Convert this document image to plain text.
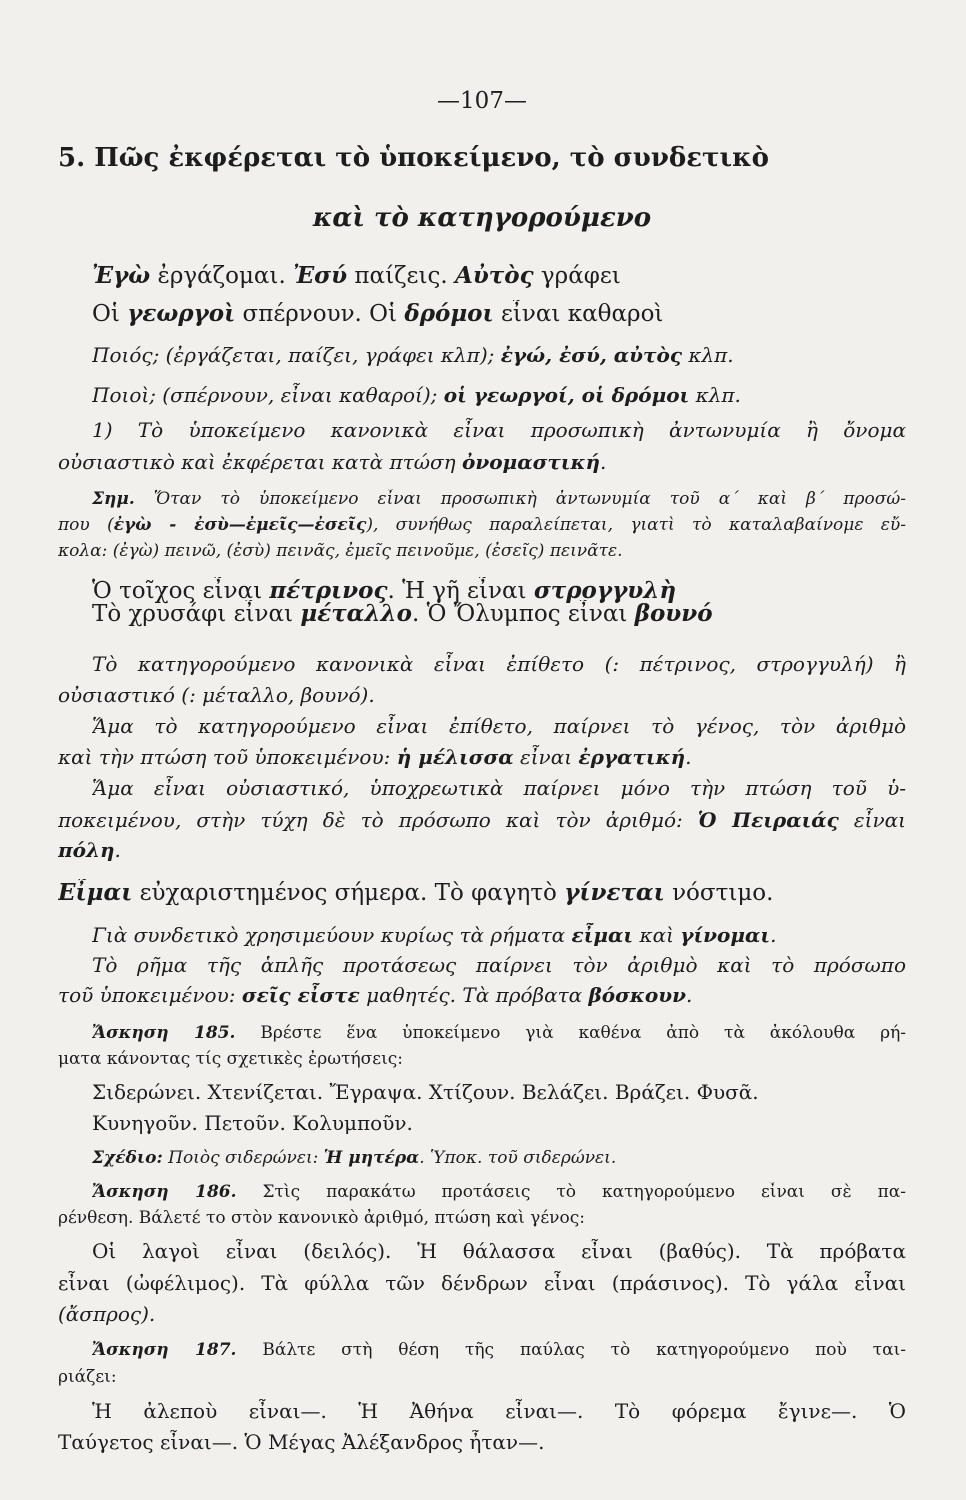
—107—
5. Πῶς ἐκφέρεται τὸ ὑποκείμενο, τὸ συνδετικὸ
καὶ τὸ κατηγορούμενο
Ἐγὼ ἐργάζομαι. Ἐσύ παίζεις. Αὐτὸς γράφει
Οἱ γεωργοὶ σπέρνουν. Οἱ δρόμοι εἶναι καθαροὶ
Ποιός; (ἐργάζεται, παίζει, γράφει κλπ); ἐγώ, ἐσύ, αὐτὸς κλπ.
Ποιοὶ; (σπέρνουν, εἶναι καθαροί); οἱ γεωργοί, οἱ δρόμοι κλπ.
1) Τὸ ὑποκείμενο κανονικὰ εἶναι προσωπικὴ ἀντωνυμία ἢ ὄνομα
οὐσιαστικὸ καὶ ἐκφέρεται κατὰ πτώση ὀνομαστική.
Σημ. Ὅταν τὸ ὑποκείμενο εἶναι προσωπικὴ ἀντωνυμία τοῦ α΄ καὶ β΄ προσώ-
που (ἐγὼ - ἐσὺ—ἐμεῖς—ἐσεῖς), συνήθως παραλείπεται, γιατὶ τὸ καταλαβαίνομε εὔ-
κολα: (ἐγὼ) πεινῶ, (ἐσὺ) πεινᾶς, ἐμεῖς πεινοῦμε, (ἐσεῖς) πεινᾶτε.
Ὁ τοῖχος εἶναι πέτρινος. Ἡ γῆ εἶναι στρογγυλὴ
Τὸ χρυσάφι εἶναι μέταλλο. Ὁ Ὄλυμπος εἶναι βουνό
Τὸ κατηγορούμενο κανονικὰ εἶναι ἐπίθετο (: πέτρινος, στρογγυλή) ἢ
οὐσιαστικό (: μέταλλο, βουνό).
Ἅμα τὸ κατηγορούμενο εἶναι ἐπίθετο, παίρνει τὸ γένος, τὸν ἀριθμὸ
καὶ τὴν πτώση τοῦ ὑποκειμένου: ἡ μέλισσα εἶναι ἐργατική.
Ἅμα εἶναι οὐσιαστικό, ὑποχρεωτικὰ παίρνει μόνο τὴν πτώση τοῦ ὑ-
ποκειμένου, στὴν τύχη δὲ τὸ πρόσωπο καὶ τὸν ἀριθμό: Ὁ Πειραιάς εἶναι
πόλη.
Εἶμαι εὐχαριστημένος σήμερα. Τὸ φαγητὸ γίνεται νόστιμο.
Γιὰ συνδετικὸ χρησιμεύουν κυρίως τὰ ρήματα εἶμαι καὶ γίνομαι.
Τὸ ρῆμα τῆς ἁπλῆς προτάσεως παίρνει τὸν ἀριθμὸ καὶ τὸ πρόσωπο
τοῦ ὑποκειμένου: σεῖς εἶστε μαθητές. Τὰ πρόβατα βόσκουν.
Ἄσκηση 185. Βρέστε ἕνα ὑποκείμενο γιὰ καθένα ἀπὸ τὰ ἀκόλουθα ρή-
ματα κάνοντας τίς σχετικὲς ἐρωτήσεις:
Σιδερώνει. Χτενίζεται. Ἔγραψα. Χτίζουν. Βελάζει. Βράζει. Φυσᾶ.
Κυνηγοῦν. Πετοῦν. Κολυμποῦν.
Σχέδιο: Ποιὸς σιδερώνει: Ἡ μητέρα. Ὑποκ. τοῦ σιδερώνει.
Ἄσκηση 186. Στὶς παρακάτω προτάσεις τὸ κατηγορούμενο εἶναι σὲ πα-
ρένθεση. Βάλετέ το στὸν κανονικὸ ἀριθμό, πτώση καὶ γένος:
Οἱ λαγοὶ εἶναι (δειλός). Ἡ θάλασσα εἶναι (βαθύς). Τὰ πρόβατα
εἶναι (ὠφέλιμος). Τὰ φύλλα τῶν δένδρων εἶναι (πράσινος). Τὸ γάλα εἶναι
(ἄσπρος).
Ἄσκηση 187. Βάλτε στὴ θέση τῆς παύλας τὸ κατηγορούμενο ποὺ ται-
ριάζει:
Ἡ ἀλεποὺ εἶναι—. Ἡ Ἀθήνα εἶναι—. Τὸ φόρεμα ἔγινε—. Ὁ
Ταύγετος εἶναι—. Ὁ Μέγας Ἀλέξανδρος ἦταν—.
